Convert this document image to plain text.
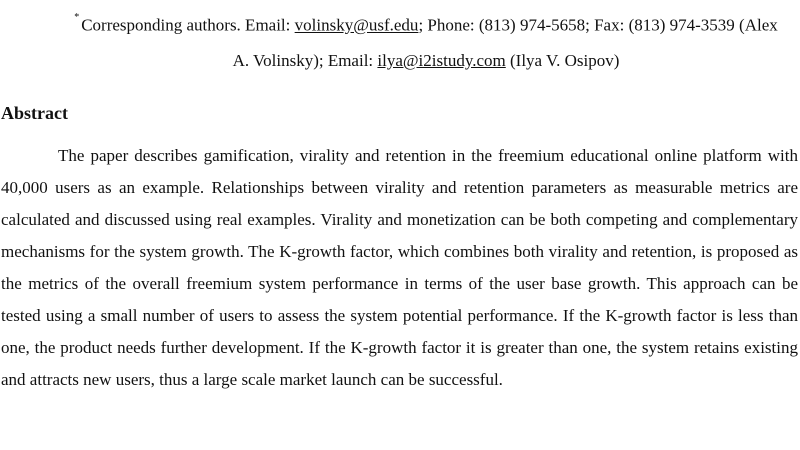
* Corresponding authors. Email: volinsky@usf.edu; Phone: (813) 974-5658; Fax: (813) 974-3539 (Alex A. Volinsky); Email: ilya@i2istudy.com (Ilya V. Osipov)
Abstract

The paper describes gamification, virality and retention in the freemium educational online platform with 40,000 users as an example. Relationships between virality and retention parameters as measurable metrics are calculated and discussed using real examples. Virality and monetization can be both competing and complementary mechanisms for the system growth. The K-growth factor, which combines both virality and retention, is proposed as the metrics of the overall freemium system performance in terms of the user base growth. This approach can be tested using a small number of users to assess the system potential performance. If the K-growth factor is less than one, the product needs further development. If the K-growth factor it is greater than one, the system retains existing and attracts new users, thus a large scale market launch can be successful.
